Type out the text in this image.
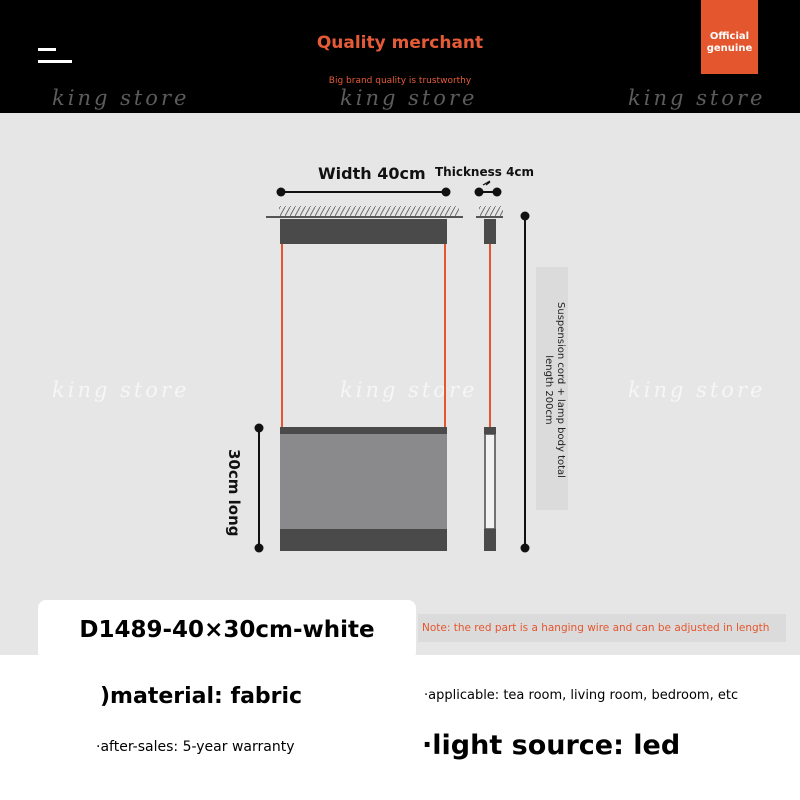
Quality merchant
Big brand quality is trustworthy
Official
genuine
king store	king store	king store
king store	king store	king store
Width 40cm Thickness 4cm
30cm long
Suspension cord + lamp body total
length 200cm
D1489-40×30cm-white	Note: the red part is a hanging wire and can be adjusted in length
)material: fabric	·applicable: tea room, living room, bedroom, etc
·after-sales: 5-year warranty	·light source: led
